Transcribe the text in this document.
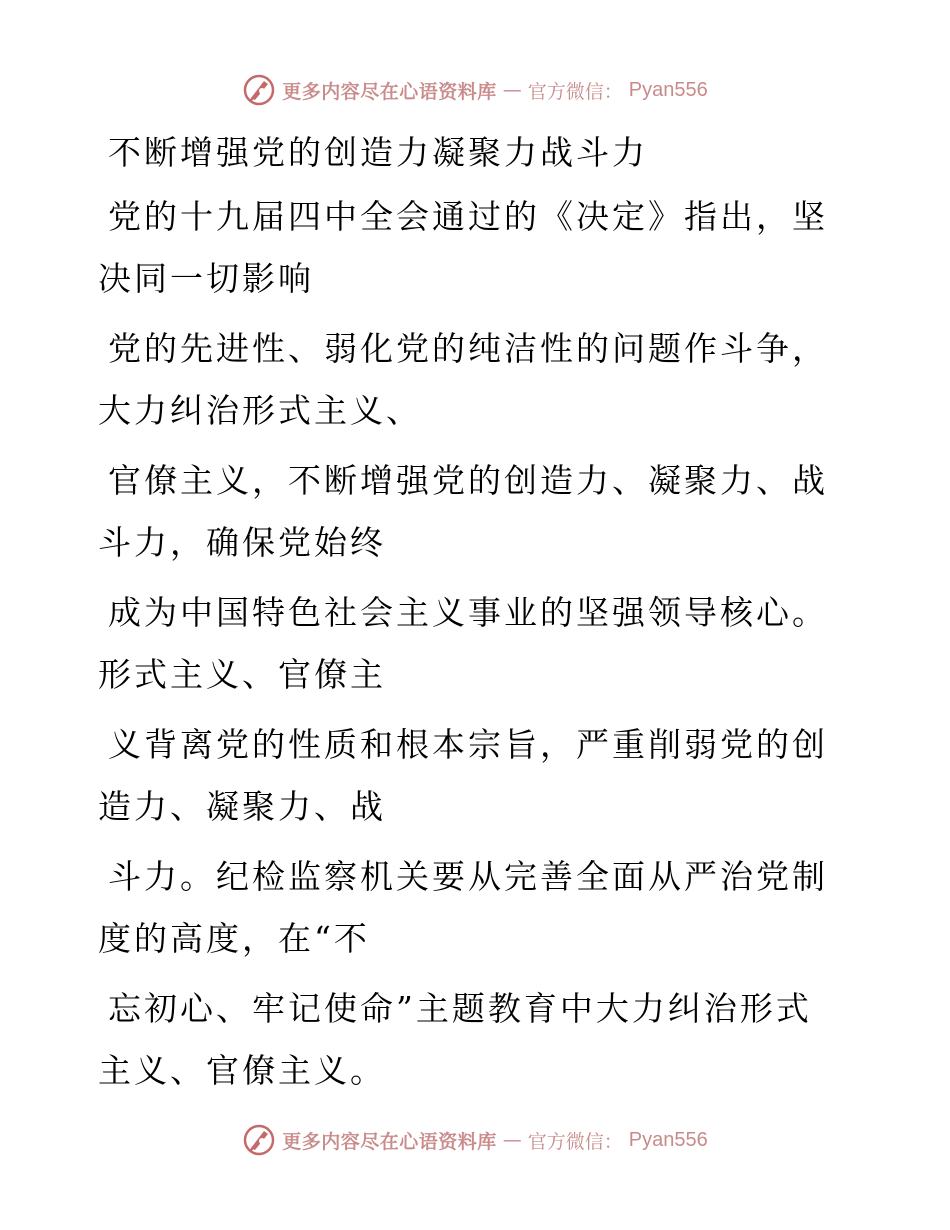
更多内容尽在心语资料库 — 官方微信： Pyan556

不断增强党的创造力凝聚力战斗力

党的十九届四中全会通过的《决定》指出，坚决同一切影响

党的先进性、弱化党的纯洁性的问题作斗争，大力纠治形式主义、

官僚主义，不断增强党的创造力、凝聚力、战斗力，确保党始终

成为中国特色社会主义事业的坚强领导核心。形式主义、官僚主

义背离党的性质和根本宗旨，严重削弱党的创造力、凝聚力、战

斗力。纪检监察机关要从完善全面从严治党制度的高度，在“不

忘初心、牢记使命”主题教育中大力纠治形式主义、官僚主义。

更多内容尽在心语资料库 — 官方微信： Pyan556
